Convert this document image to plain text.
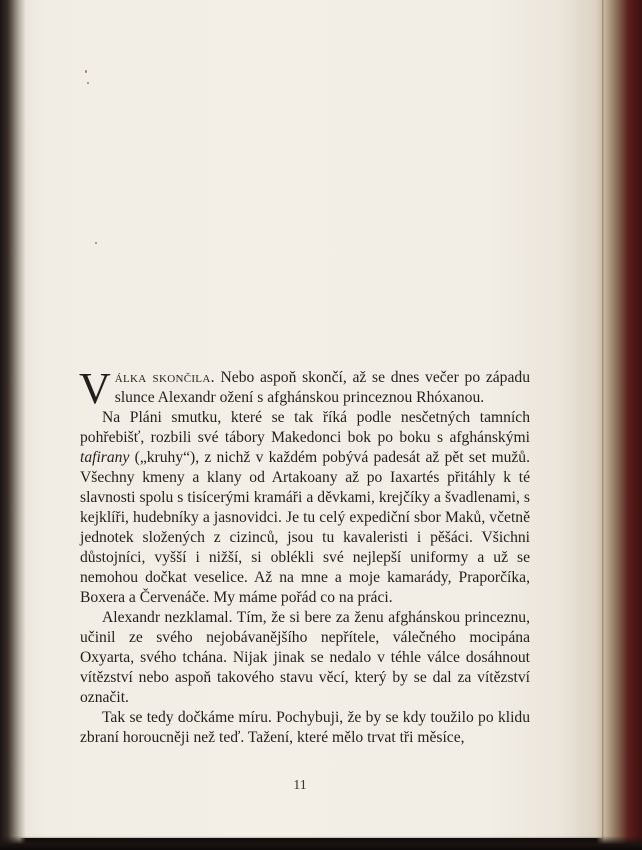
Válka skončila. Nebo aspoň skončí, až se dnes večer po západu slunce Alexandr ožení s afghánskou princeznou Rhóxanou.

Na Pláni smutku, které se tak říká podle nesčetných tamních pohřebišť, rozbili své tábory Makedonci bok po boku s afghánskými tafirany („kruhy“), z nichž v každém pobývá padesát až pět set mužů. Všechny kmeny a klany od Artakoany až po Iaxartés přitáhly k té slavnosti spolu s tisícerými kramáři a děvkami, krejčíky a švadlenami, s kejklíři, hudebníky a jasnovidci. Je tu celý expediční sbor Maků, včetně jednotek složených z cizinců, jsou tu kavaleristi i pěšáci. Všichni důstojníci, vyšší i nižší, si oblékli své nejlepší uniformy a už se nemohou dočkat veselice. Až na mne a moje kamarády, Praporčíka, Boxera a Červenáče. My máme pořád co na práci.

Alexandr nezklamal. Tím, že si bere za ženu afghánskou princeznu, učinil ze svého nejobávanějšího nepřítele, válečného mocipána Oxyarta, svého tchána. Nijak jinak se nedalo v téhle válce dosáhnout vítězství nebo aspoň takového stavu věcí, který by se dal za vítězství označit.

Tak se tedy dočkáme míru. Pochybuji, že by se kdy toužilo po klidu zbraní horoucněji než teď. Tažení, které mělo trvat tři měsíce,

11
